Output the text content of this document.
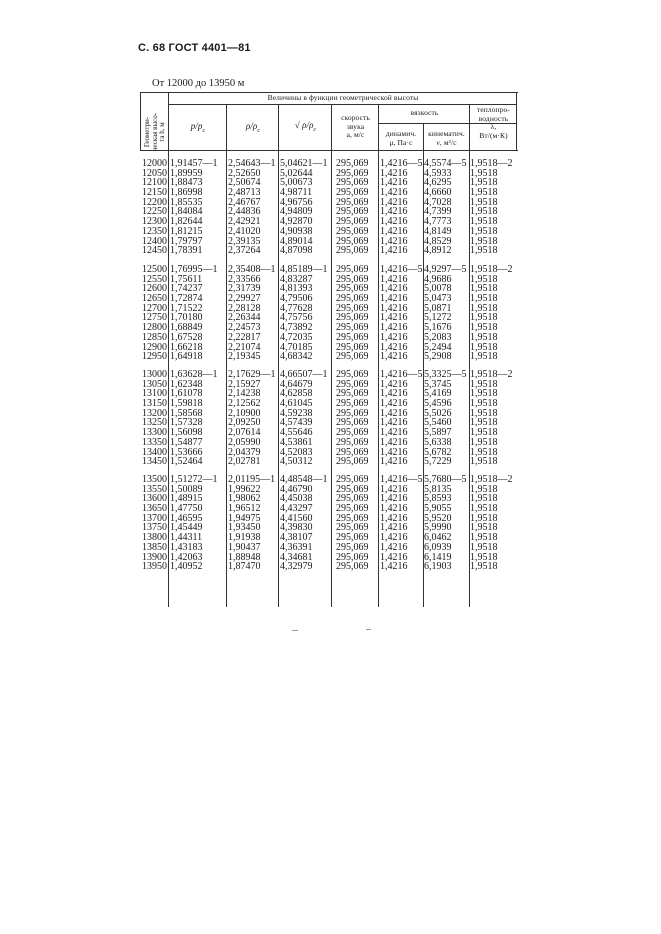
С. 68 ГОСТ 4401—81
От 12000 до 13950 м
Геометри-
ческая высо-
та h, м
Величины в функции геометрической высоты
$p/p_c$	$\rho/\rho_c$
√ $\rho/\rho_c$
скорость
звука
a, м/с
вязкость
динамич.
μ, Па·с
кинематич.
ν, м²/с
теплопро-
водность
λ,
Вт/(м·К)
12000
12050
12100
12150
12200
12250
12300
12350
12400
12450
1,91457—1
1,89959
1,88473
1,86998
1,85535
1,84084
1,82644
1,81215
1,79797
1,78391
2,54643—1
2,52650
2,50674
2,48713
2,46767
2,44836
2,42921
2,41020
2,39135
2,37264
5,04621—1
5,02644
5,00673
4,98711
4,96756
4,94809
4,92870
4,90938
4,89014
4,87098
295,069
295,069
295,069
295,069
295,069
295,069
295,069
295,069
295,069
295,069
1,4216—5
1,4216
1,4216
1,4216
1,4216
1,4216
1,4216
1,4216
1,4216
1,4216
4,5574—5
4,5933
4,6295
4,6660
4,7028
4,7399
4,7773
4,8149
4,8529
4,8912
1,9518—2
1,9518
1,9518
1,9518
1,9518
1,9518
1,9518
1,9518
1,9518
1,9518
12500
12550
12600
12650
12700
12750
12800
12850
12900
12950
1,76995—1
1,75611
1,74237
1,72874
1,71522
1,70180
1,68849
1,67528
1,66218
1,64918
2,35408—1
2,33566
2,31739
2,29927
2,28128
2,26344
2,24573
2,22817
2,21074
2,19345
4,85189—1
4,83287
4,81393
4,79506
4,77628
4,75756
4,73892
4,72035
4,70185
4,68342
295,069
295,069
295,069
295,069
295,069
295,069
295,069
295,069
295,069
295,069
1,4216—5
1,4216
1,4216
1,4216
1,4216
1,4216
1,4216
1,4216
1,4216
1,4216
4,9297—5
4,9686
5,0078
5,0473
5,0871
5,1272
5,1676
5,2083
5,2494
5,2908
1,9518—2
1,9518
1,9518
1,9518
1,9518
1,9518
1,9518
1,9518
1,9518
1,9518
13000
13050
13100
13150
13200
13250
13300
13350
13400
13450
1,63628—1
1,62348
1,61078
1,59818
1,58568
1,57328
1,56098
1,54877
1,53666
1,52464
2,17629—1
2,15927
2,14238
2,12562
2,10900
2,09250
2,07614
2,05990
2,04379
2,02781
4,66507—1
4,64679
4,62858
4,61045
4,59238
4,57439
4,55646
4,53861
4,52083
4,50312
295,069
295,069
295,069
295,069
295,069
295,069
295,069
295,069
295,069
295,069
1,4216—5
1,4216
1,4216
1,4216
1,4216
1,4216
1,4216
1,4216
1,4216
1,4216
5,3325—5
5,3745
5,4169
5,4596
5,5026
5,5460
5,5897
5,6338
5,6782
5,7229
1,9518—2
1,9518
1,9518
1,9518
1,9518
1,9518
1,9518
1,9518
1,9518
1,9518
13500
13550
13600
13650
13700
13750
13800
13850
13900
13950
1,51272—1
1,50089
1,48915
1,47750
1,46595
1,45449
1,44311
1,43183
1,42063
1,40952
2,01195—1
1,99622
1,98062
1,96512
1,94975
1,93450
1,91938
1,90437
1,88948
1,87470
4,48548—1
4,46790
4,45038
4,43297
4,41560
4,39830
4,38107
4,36391
4,34681
4,32979
295,069
295,069
295,069
295,069
295,069
295,069
295,069
295,069
295,069
295,069
1,4216—5
1,4216
1,4216
1,4216
1,4216
1,4216
1,4216
1,4216
1,4216
1,4216
5,7680—5
5,8135
5,8593
5,9055
5,9520
5,9990
6,0462
6,0939
6,1419
6,1903
1,9518—2
1,9518
1,9518
1,9518
1,9518
1,9518
1,9518
1,9518
1,9518
1,9518
